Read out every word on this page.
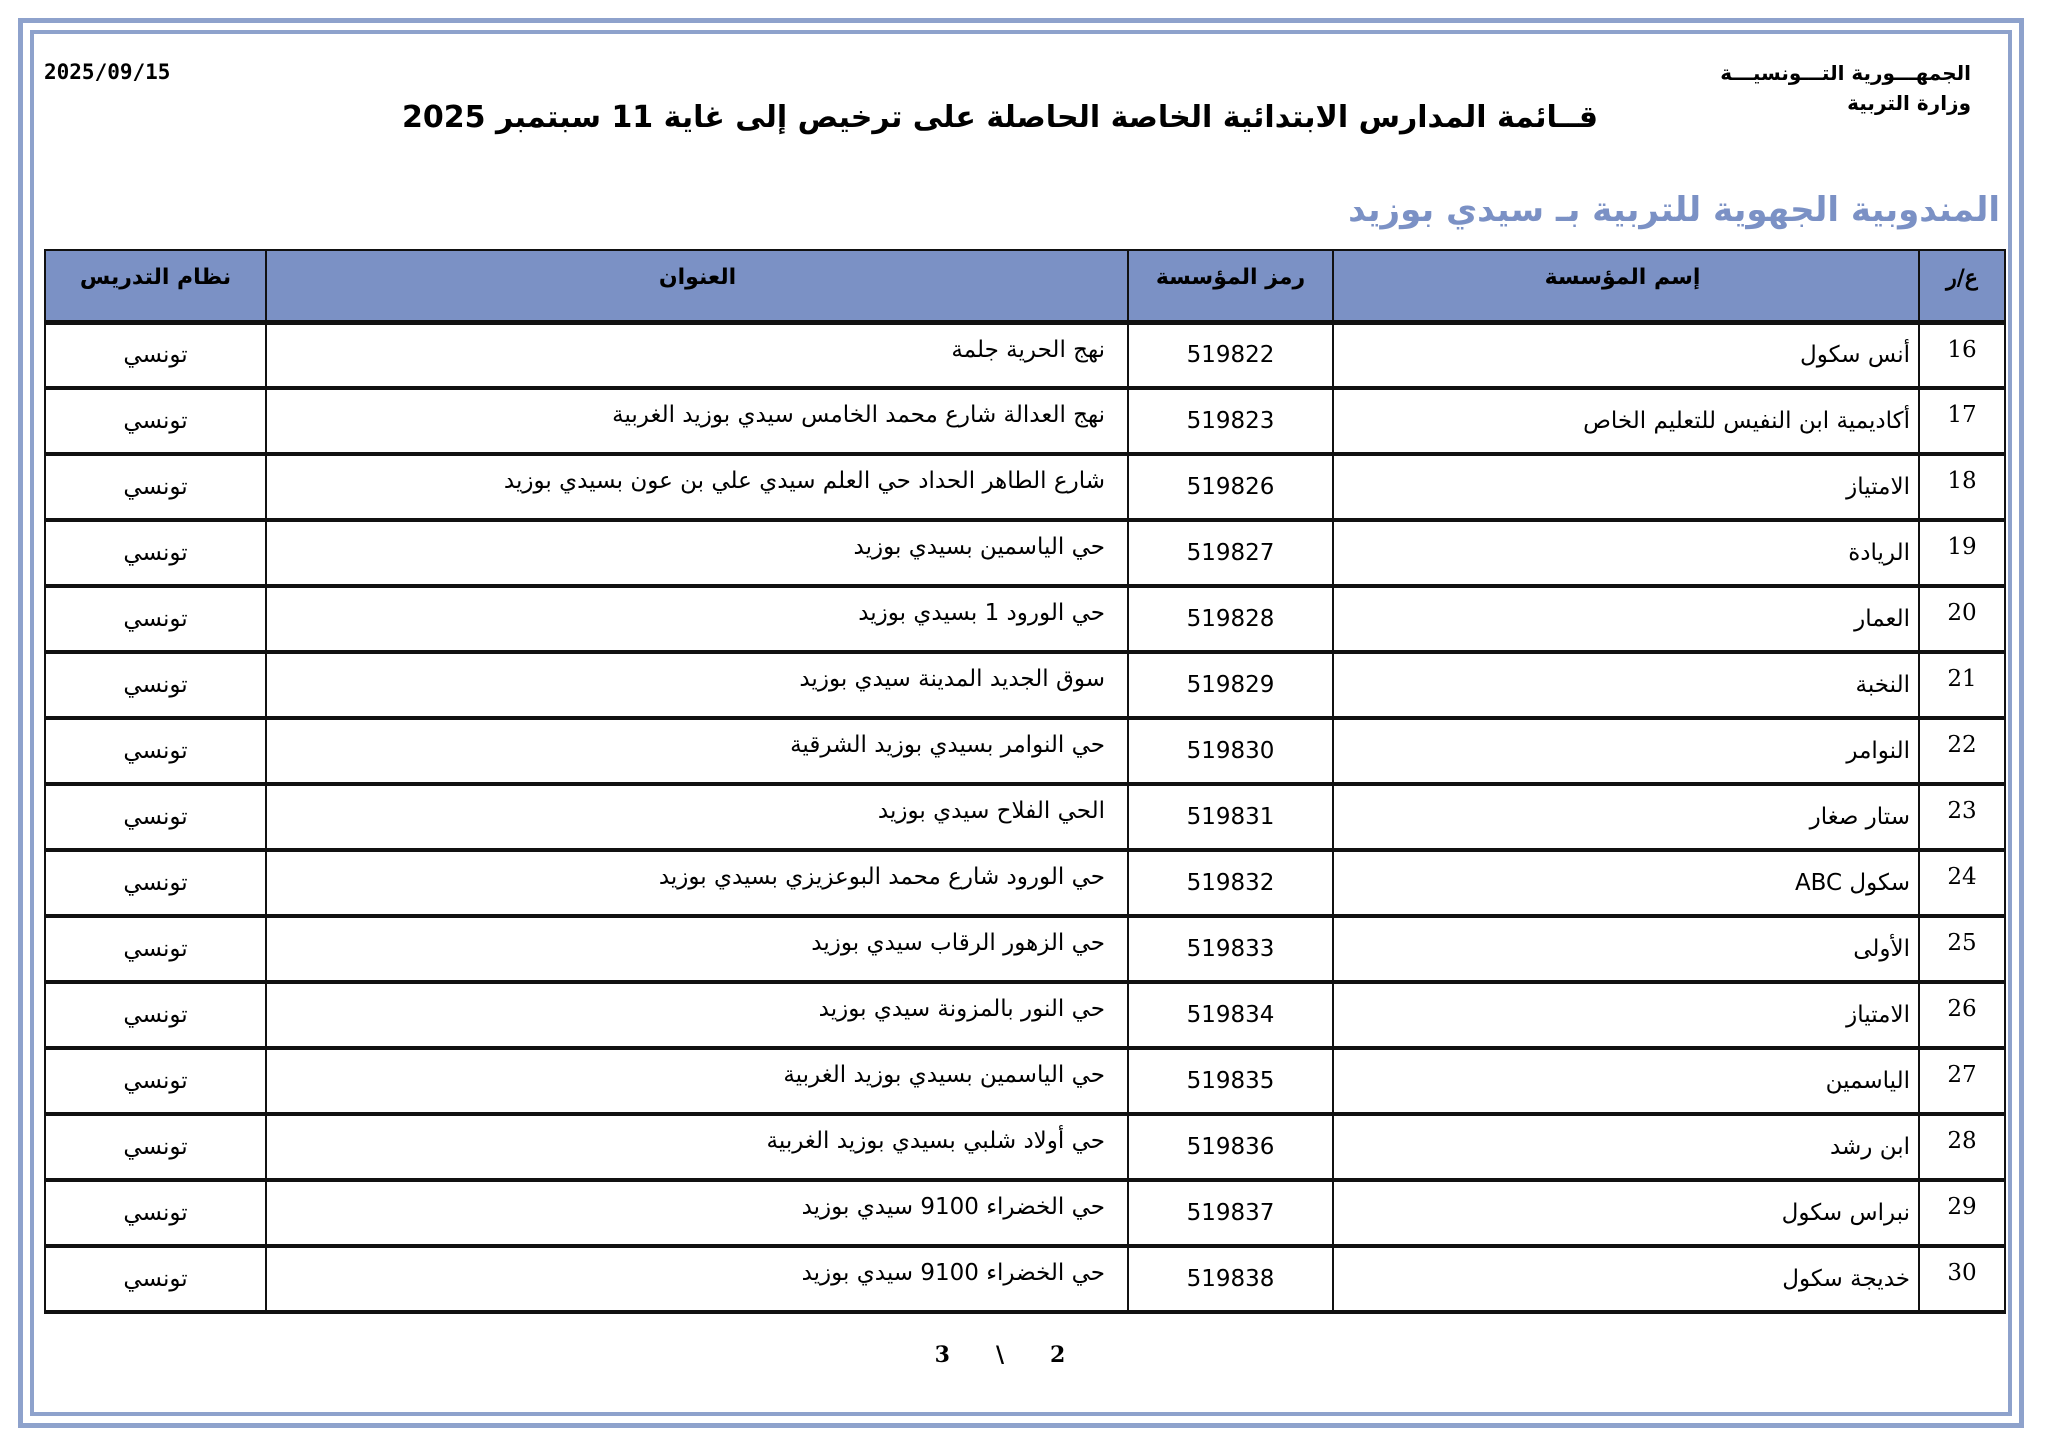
الجمهـــورية التـــونسيـــة
وزارة التربية
2025/09/15
قــائمة المدارس الابتدائية الخاصة الحاصلة على ترخيص إلى غاية 11 سبتمبر 2025
المندوبية الجهوية للتربية بـ سيدي بوزيد
ع/ر	إسم المؤسسة	رمز المؤسسة	العنوان	نظام التدريس
16	أنس سكول	519822	نهج الحرية جلمة	تونسي
17	أكاديمية ابن النفيس للتعليم الخاص	519823	نهج العدالة شارع محمد الخامس سيدي بوزيد الغربية	تونسي
18	الامتياز	519826	شارع الطاهر الحداد حي العلم سيدي علي بن عون بسيدي بوزيد	تونسي
19	الريادة	519827	حي الياسمين بسيدي بوزيد	تونسي
20	العمار	519828	حي الورود 1 بسيدي بوزيد	تونسي
21	النخبة	519829	سوق الجديد المدينة سيدي بوزيد	تونسي
22	النوامر	519830	حي النوامر بسيدي بوزيد الشرقية	تونسي
23	ستار صغار	519831	الحي الفلاح سيدي بوزيد	تونسي
24	سكول ABC	519832	حي الورود شارع محمد البوعزيزي بسيدي بوزيد	تونسي
25	الأولى	519833	حي الزهور الرقاب سيدي بوزيد	تونسي
26	الامتياز	519834	حي النور بالمزونة سيدي بوزيد	تونسي
27	الياسمين	519835	حي الياسمين بسيدي بوزيد الغربية	تونسي
28	ابن رشد	519836	حي أولاد شلبي بسيدي بوزيد الغربية	تونسي
29	نبراس سكول	519837	حي الخضراء 9100 سيدي بوزيد	تونسي
30	خديجة سكول	519838	حي الخضراء 9100 سيدي بوزيد	تونسي
3 \ 2
